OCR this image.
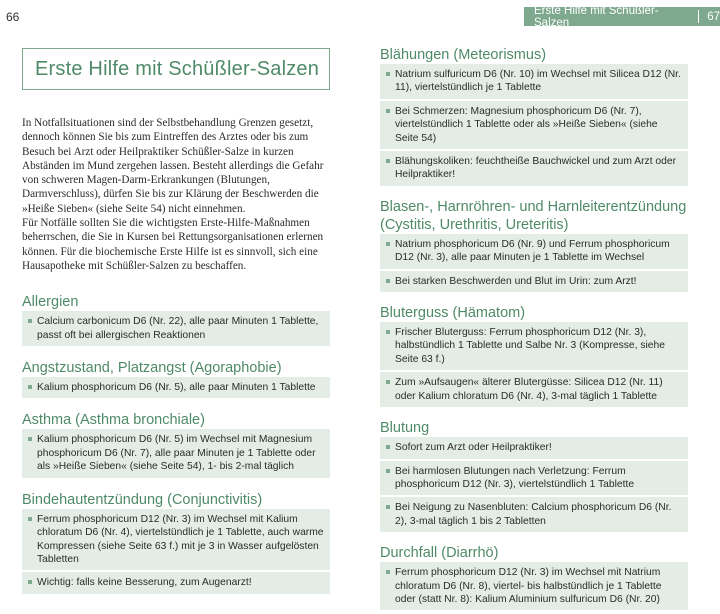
66	Erste Hilfe mit Schüßler-Salzen	67
Erste Hilfe mit Schüßler-Salzen

In Notfallsituationen sind der Selbstbehandlung Grenzen gesetzt, dennoch können Sie bis zum Eintreffen des Arztes oder bis zum Besuch bei Arzt oder Heilpraktiker Schüßler-Salze in kurzen Abständen im Mund zergehen lassen. Besteht allerdings die Gefahr von schweren Magen-Darm-Erkrankungen (Blutungen, Darmverschluss), dürfen Sie bis zur Klärung der Beschwerden die »Heiße Sieben« (siehe Seite 54) nicht einnehmen.

Für Notfälle sollten Sie die wichtigsten Erste-Hilfe-Maßnahmen beherrschen, die Sie in Kursen bei Rettungsorganisationen erlernen können. Für die biochemische Erste Hilfe ist es sinnvoll, sich eine Hausapotheke mit Schüßler-Salzen zu beschaffen.

Allergien
Calcium carbonicum D6 (Nr. 22), alle paar Minuten 1 Tablette, passt oft bei allergischen Reaktionen
Angstzustand, Platzangst (Agoraphobie)
Kalium phosphoricum D6 (Nr. 5), alle paar Minuten 1 Tablette
Asthma (Asthma bronchiale)
Kalium phosphoricum D6 (Nr. 5) im Wechsel mit Magnesium phosphoricum D6 (Nr. 7), alle paar Minuten je 1 Tablette oder als »Heiße Sieben« (siehe Seite 54), 1- bis 2-mal täglich
Bindehautentzündung (Conjunctivitis)
Ferrum phosphoricum D12 (Nr. 3) im Wechsel mit Kalium chloratum D6 (Nr. 4), viertelstündlich je 1 Tablette, auch warme Kompressen (siehe Seite 63 f.) mit je 3 in Wasser aufgelösten Tabletten
Wichtig: falls keine Besserung, zum Augenarzt!
Blähungen (Meteorismus)
Natrium sulfuricum D6 (Nr. 10) im Wechsel mit Silicea D12 (Nr. 11), viertelstündlich je 1 Tablette
Bei Schmerzen: Magnesium phosphoricum D6 (Nr. 7), viertelstündlich 1 Tablette oder als »Heiße Sieben« (siehe Seite 54)
Blähungskoliken: feuchtheiße Bauchwickel und zum Arzt oder Heilpraktiker!
Blasen-, Harnröhren- und Harnleiterentzündung (Cystitis, Urethritis, Ureteritis)
Natrium phosphoricum D6 (Nr. 9) und Ferrum phosphoricum D12 (Nr. 3), alle paar Minuten je 1 Tablette im Wechsel
Bei starken Beschwerden und Blut im Urin: zum Arzt!
Bluterguss (Hämatom)
Frischer Bluterguss: Ferrum phosphoricum D12 (Nr. 3), halbstündlich 1 Tablette und Salbe Nr. 3 (Kompresse, siehe Seite 63 f.)
Zum »Aufsaugen« älterer Blutergüsse: Silicea D12 (Nr. 11) oder Kalium chloratum D6 (Nr. 4), 3-mal täglich 1 Tablette
Blutung
Sofort zum Arzt oder Heilpraktiker!
Bei harmlosen Blutungen nach Verletzung: Ferrum phosphoricum D12 (Nr. 3), viertelstündlich 1 Tablette
Bei Neigung zu Nasenbluten: Calcium phosphoricum D6 (Nr. 2), 3-mal täglich 1 bis 2 Tabletten
Durchfall (Diarrhö)
Ferrum phosphoricum D12 (Nr. 3) im Wechsel mit Natrium chloratum D6 (Nr. 8), viertel- bis halbstündlich je 1 Tablette oder (statt Nr. 8): Kalium Aluminium sulfuricum D6 (Nr. 20)
